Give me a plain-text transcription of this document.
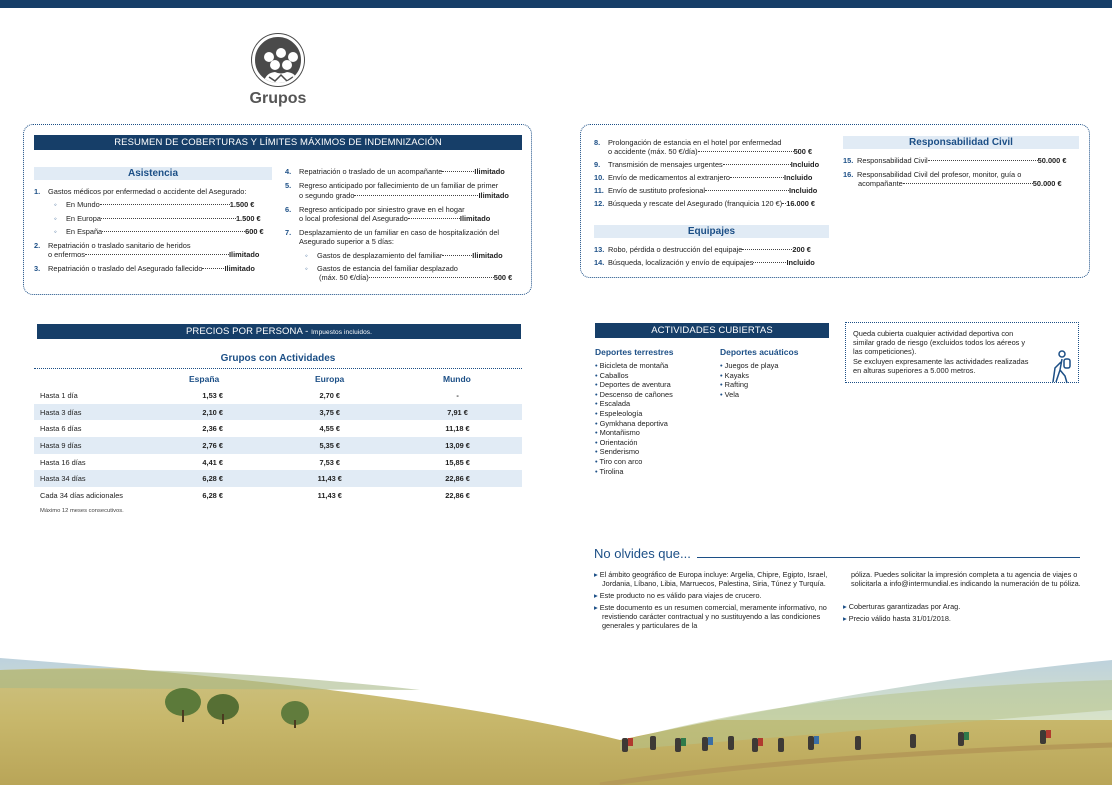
Grupos
RESUMEN DE COBERTURAS Y LÍMITES MÁXIMOS DE INDEMNIZACIÓN
Asistencia
1. Gastos médicos por enfermedad o accidente del Asegurado:
◦ En Mundo	1.500 €
◦ En Europa	1.500 €
◦ En España	600 €
2. Repatriación o traslado sanitario de heridos
o enfermos	Ilimitado
3. Repatriación o traslado del Asegurado fallecido	Ilimitado
4. Repatriación o traslado de un acompañante	Ilimitado
5. Regreso anticipado por fallecimiento de un familiar de primer
o segundo grado	Ilimitado
6. Regreso anticipado por siniestro grave en el hogar
o local profesional del Asegurado	Ilimitado
7. Desplazamiento de un familiar en caso de hospitalización del
Asegurado superior a 5 días:
◦ Gastos de desplazamiento del familiar	Ilimitado
◦ Gastos de estancia del familiar desplazado
(máx. 50 €/día)	500 €
8. Prolongación de estancia en el hotel por enfermedad
o accidente (máx. 50 €/día)	500 €
9. Transmisión de mensajes urgentes	Incluido
10. Envío de medicamentos al extranjero	Incluido
11. Envío de sustituto profesional	Incluido
12. Búsqueda y rescate del Asegurado (franquicia 120 €) 16.000 €
Equipajes
13. Robo, pérdida o destrucción del equipaje	200 €
14. Búsqueda, localización y envío de equipajes	Incluido
Responsabilidad Civil
15. Responsabilidad Civil	50.000 €
16. Responsabilidad Civil del profesor, monitor, guía o
acompañante	50.000 €
PRECIOS POR PERSONA - Impuestos incluidos.
Grupos con Actividades
España	Europa	Mundo
Hasta 1 día	1,53 €	2,70 €	-
Hasta 3 días	2,10 €	3,75 €	7,91 €
Hasta 6 días	2,36 €	4,55 €	11,18 €
Hasta 9 días	2,76 €	5,35 €	13,09 €
Hasta 16 días	4,41 €	7,53 €	15,85 €
Hasta 34 días	6,28 €	11,43 €	22,86 €
Cada 34 días adicionales	6,28 €	11,43 €	22,86 €
Máximo 12 meses consecutivos.
ACTIVIDADES CUBIERTAS
Deportes terrestres
• Bicicleta de montaña
• Caballos
• Deportes de aventura
• Descenso de cañones
• Escalada
• Espeleología
• Gymkhana deportiva
• Montañismo
• Orientación
• Senderismo
• Tiro con arco
• Tirolina
Deportes acuáticos
• Juegos de playa
• Kayaks
• Rafting
• Vela
Queda cubierta cualquier actividad deportiva con
similar grado de riesgo (excluidos todos los aéreos y
las competiciones).
Se excluyen expresamente las actividades realizadas
en alturas superiores a 5.000 metros.
No olvides que...
▸ El ámbito geográfico de Europa incluye: Argelia, Chipre, Egipto, Israel, Jordania, Líbano, Libia, Marruecos, Palestina, Siria, Túnez y Turquía.
▸ Este producto no es válido para viajes de crucero.
▸ Este documento es un resumen comercial, meramente informativo, no revistiendo carácter contractual y no sustituyendo a las condiciones generales y particulares de la
póliza. Puedes solicitar la impresión completa a tu agencia de viajes o solicitarla a info@intermundial.es indicando la numeración de tu póliza.
▸ Coberturas garantizadas por Arag.
▸ Precio válido hasta 31/01/2018.
